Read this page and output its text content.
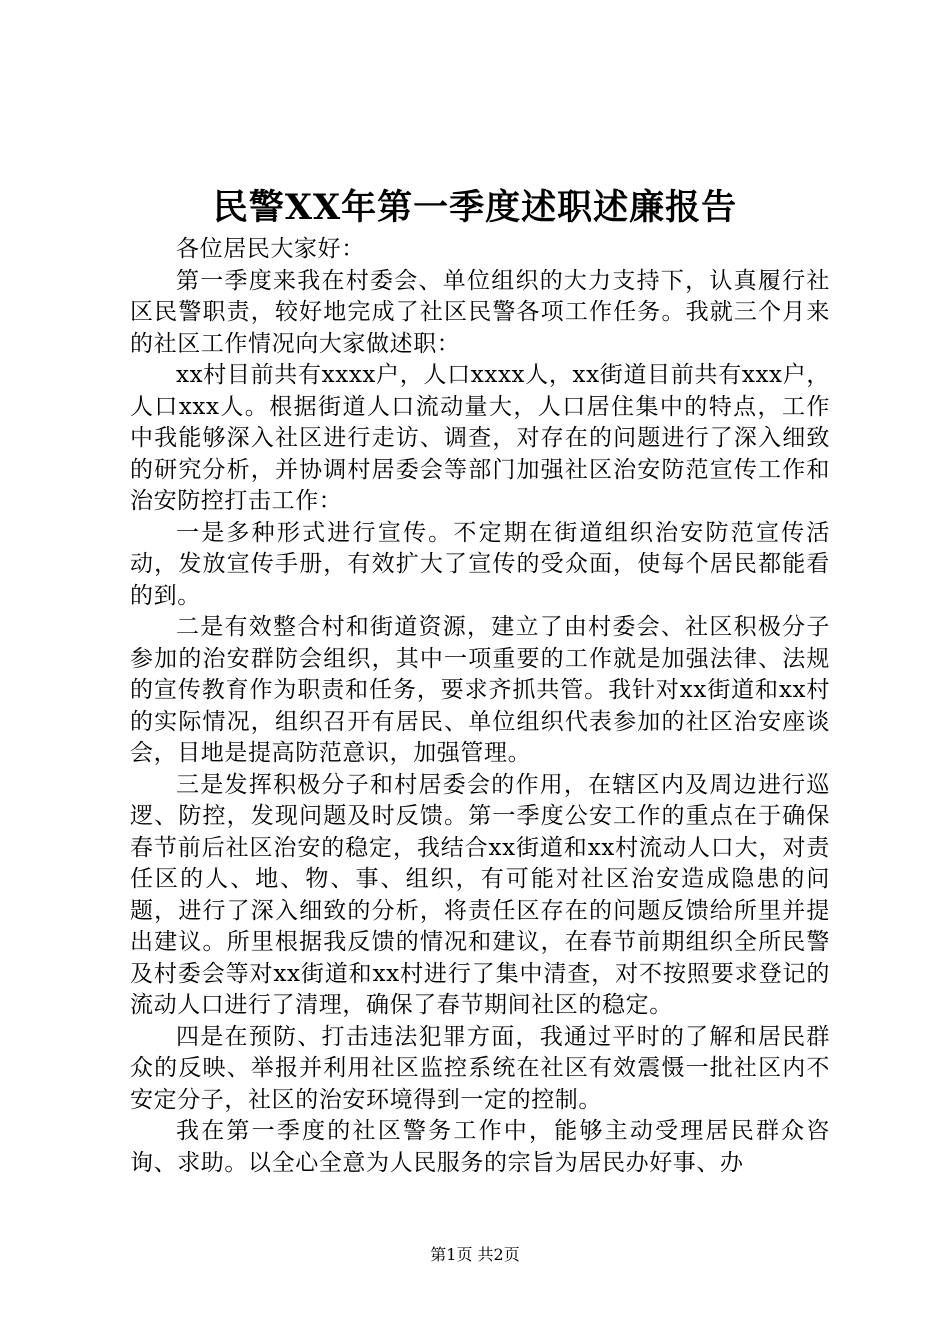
民警XX年第一季度述职述廉报告

各位居民大家好：

第一季度来我在村委会、单位组织的大力支持下，认真履行社区民警职责，较好地完成了社区民警各项工作任务。我就三个月来的社区工作情况向大家做述职：

xx村目前共有xxxx户，人口xxxx人，xx街道目前共有xxx户，人口xxx人。根据街道人口流动量大，人口居住集中的特点，工作中我能够深入社区进行走访、调查，对存在的问题进行了深入细致的研究分析，并协调村居委会等部门加强社区治安防范宣传工作和治安防控打击工作：

一是多种形式进行宣传。不定期在街道组织治安防范宣传活动，发放宣传手册，有效扩大了宣传的受众面，使每个居民都能看的到。

二是有效整合村和街道资源，建立了由村委会、社区积极分子参加的治安群防会组织，其中一项重要的工作就是加强法律、法规的宣传教育作为职责和任务，要求齐抓共管。我针对xx街道和xx村的实际情况，组织召开有居民、单位组织代表参加的社区治安座谈会，目地是提高防范意识，加强管理。

三是发挥积极分子和村居委会的作用，在辖区内及周边进行巡逻、防控，发现问题及时反馈。第一季度公安工作的重点在于确保春节前后社区治安的稳定，我结合xx街道和xx村流动人口大，对责任区的人、地、物、事、组织，有可能对社区治安造成隐患的问题，进行了深入细致的分析，将责任区存在的问题反馈给所里并提出建议。所里根据我反馈的情况和建议，在春节前期组织全所民警及村委会等对xx街道和xx村进行了集中清查，对不按照要求登记的流动人口进行了清理，确保了春节期间社区的稳定。

四是在预防、打击违法犯罪方面，我通过平时的了解和居民群众的反映、举报并利用社区监控系统在社区有效震慑一批社区内不安定分子，社区的治安环境得到一定的控制。

我在第一季度的社区警务工作中，能够主动受理居民群众咨询、求助。以全心全意为人民服务的宗旨为居民办好事、办

第1页 共2页
